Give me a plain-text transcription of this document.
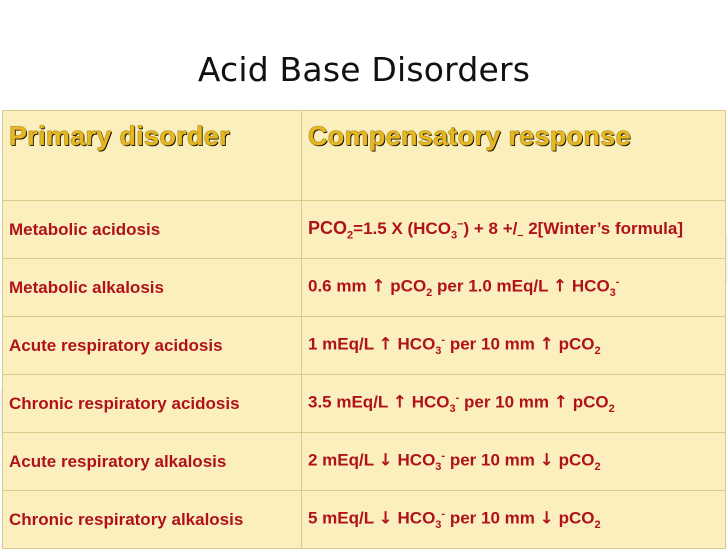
Acid Base Disorders
Primary disorder	Compensatory response
Metabolic acidosis	$PCO_2=1.5$ X $(HCO_3^-) + 8 +/_-$ 2[Winter’s formula]
Metabolic alkalosis	0.6 mm ↑ pCO$_2$ per 1.0 mEq/L ↑ $HCO_3^-$
Acute respiratory acidosis	1 mEq/L ↑ $HCO_3^-$ per 10 mm ↑ pCO$_2$
Chronic respiratory acidosis	3.5 mEq/L ↑ $HCO_3^-$ per 10 mm ↑ pCO$_2$
Acute respiratory alkalosis	2 mEq/L ↓ $HCO_3^-$ per 10 mm ↓ pCO$_2$
Chronic respiratory alkalosis	5 mEq/L ↓ $HCO_3^-$ per 10 mm ↓ pCO$_2$
